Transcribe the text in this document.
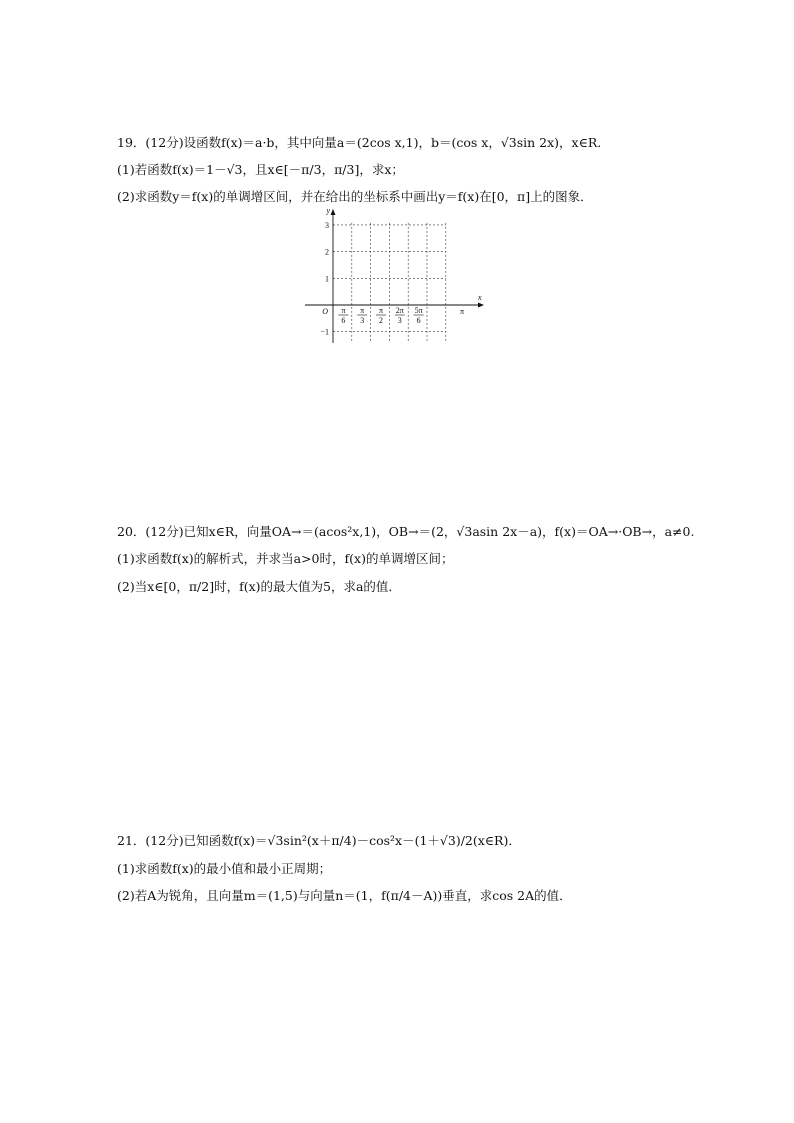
19．(12分)设函数f(x)＝a·b，其中向量a＝(2cos x,1)，b＝(cos x，√3sin 2x)，x∈R.
(1)若函数f(x)＝1－√3，且x∈[－π/3，π/3]，求x；
(2)求函数y＝f(x)的单调增区间，并在给出的坐标系中画出y＝f(x)在[0，π]上的图象．
y
x
O
3
2
1
−1
π
6
π
3
π
2
2π
3
5π
6
π
20．(12分)已知x∈R，向量OA→＝(acos²x,1)，OB→＝(2，√3asin 2x－a)，f(x)＝OA→·OB→，a≠0.
(1)求函数f(x)的解析式，并求当a>0时，f(x)的单调增区间；
(2)当x∈[0，π/2]时，f(x)的最大值为5，求a的值．
21．(12分)已知函数f(x)＝√3sin²(x＋π/4)－cos²x－(1＋√3)/2(x∈R)．
(1)求函数f(x)的最小值和最小正周期；
(2)若A为锐角，且向量m＝(1,5)与向量n＝(1，f(π/4－A))垂直，求cos 2A的值．
